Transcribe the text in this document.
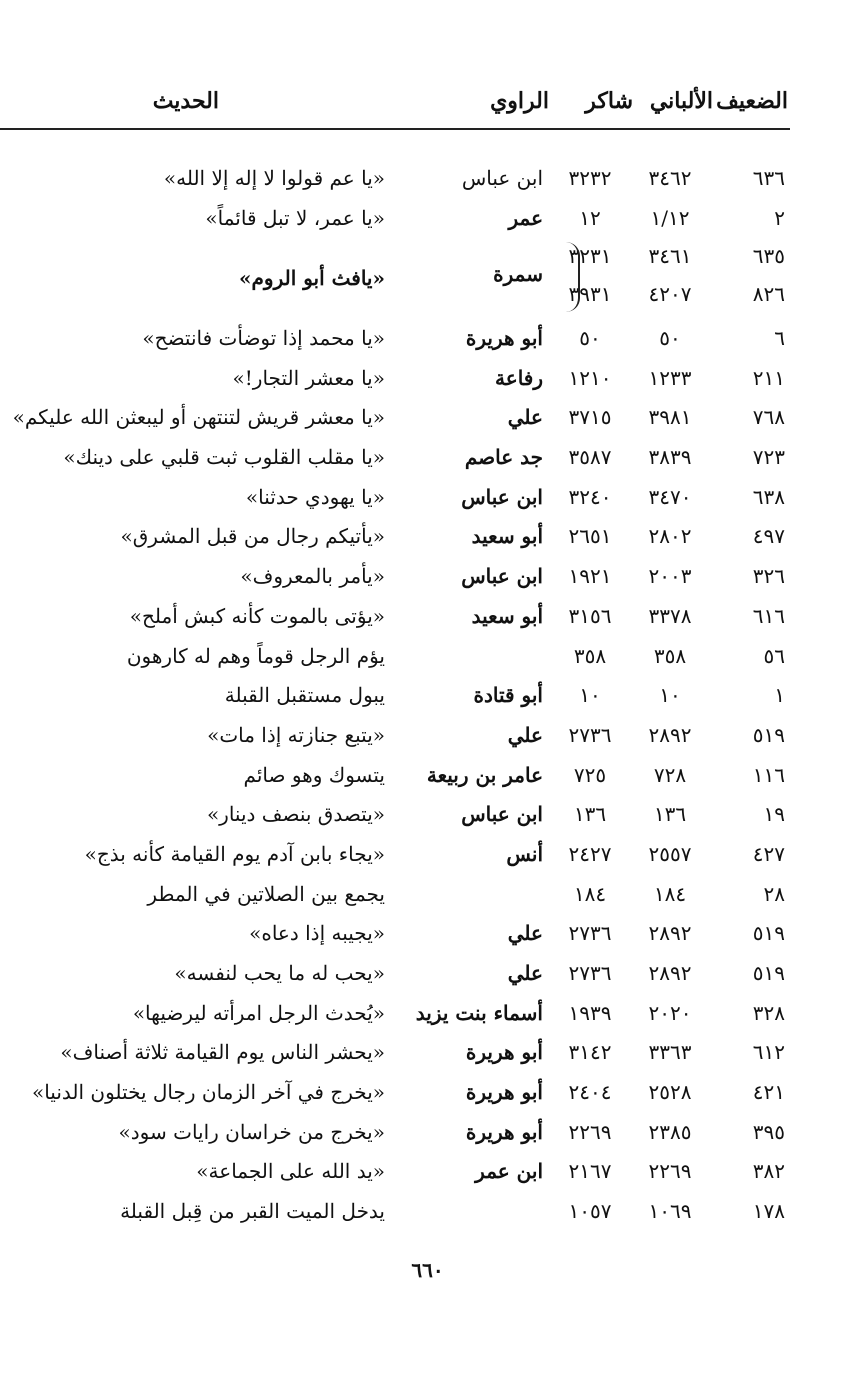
الضعيف
شاكر
الراوي
الحديث	الألباني
٦٣٦
٣٤٦٢
٣٢٣٢
ابن عباس
«يا عم قولوا لا إله إلا الله»
٢
١/١٢
١٢
عمر
«يا عمر، لا تبل قائماً»
٦٣٥
٣٤٦١
٣٢٣١
٨٢٦
٤٢٠٧
٣٩٣١
سمرة
«يافث أبو الروم»
٦
٥٠
٥٠
أبو هريرة
«يا محمد إذا توضأت فانتضح»
٢١١
١٢٣٣
١٢١٠
رفاعة
«يا معشر التجار!»
٧٦٨
٣٩٨١
٣٧١٥
علي
«يا معشر قريش لتنتهن أو ليبعثن الله عليكم»
٧٢٣
٣٨٣٩
٣٥٨٧
جد عاصم
«يا مقلب القلوب ثبت قلبي على دينك»
٦٣٨
٣٤٧٠
٣٢٤٠
ابن عباس
«يا يهودي حدثنا»
٤٩٧
٢٨٠٢
٢٦٥١
أبو سعيد
«يأتيكم رجال من قبل المشرق»
٣٢٦
٢٠٠٣
١٩٢١
ابن عباس
«يأمر بالمعروف»
٦١٦
٣٣٧٨
٣١٥٦
أبو سعيد
«يؤتى بالموت كأنه كبش أملح»
٥٦
٣٥٨
٣٥٨
يؤم الرجل قوماً وهم له كارهون
١
١٠
١٠
أبو قتادة
يبول مستقبل القبلة
٥١٩
٢٨٩٢
٢٧٣٦
علي
«يتبع جنازته إذا مات»
١١٦
٧٢٨
٧٢٥
عامر بن ربيعة
يتسوك وهو صائم
١٩
١٣٦
١٣٦
ابن عباس
«يتصدق بنصف دينار»
٤٢٧
٢٥٥٧
٢٤٢٧
أنس
«يجاء بابن آدم يوم القيامة كأنه بذج»
٢٨
١٨٤
١٨٤
يجمع بين الصلاتين في المطر
٥١٩
٢٨٩٢
٢٧٣٦
علي
«يجيبه إذا دعاه»
٥١٩
٢٨٩٢
٢٧٣٦
علي
«يحب له ما يحب لنفسه»
٣٢٨
٢٠٢٠
١٩٣٩
أسماء بنت يزيد
«يُحدث الرجل امرأته ليرضيها»
٦١٢
٣٣٦٣
٣١٤٢
أبو هريرة
«يحشر الناس يوم القيامة ثلاثة أصناف»
٤٢١
٢٥٢٨
٢٤٠٤
أبو هريرة
«يخرج في آخر الزمان رجال يختلون الدنيا»
٣٩٥
٢٣٨٥
٢٢٦٩
أبو هريرة
«يخرج من خراسان رايات سود»
٣٨٢
٢٢٦٩
٢١٦٧
ابن عمر
«يد الله على الجماعة»
١٧٨
١٠٦٩
١٠٥٧
يدخل الميت القبر من قِبل القبلة
٦٦٠
